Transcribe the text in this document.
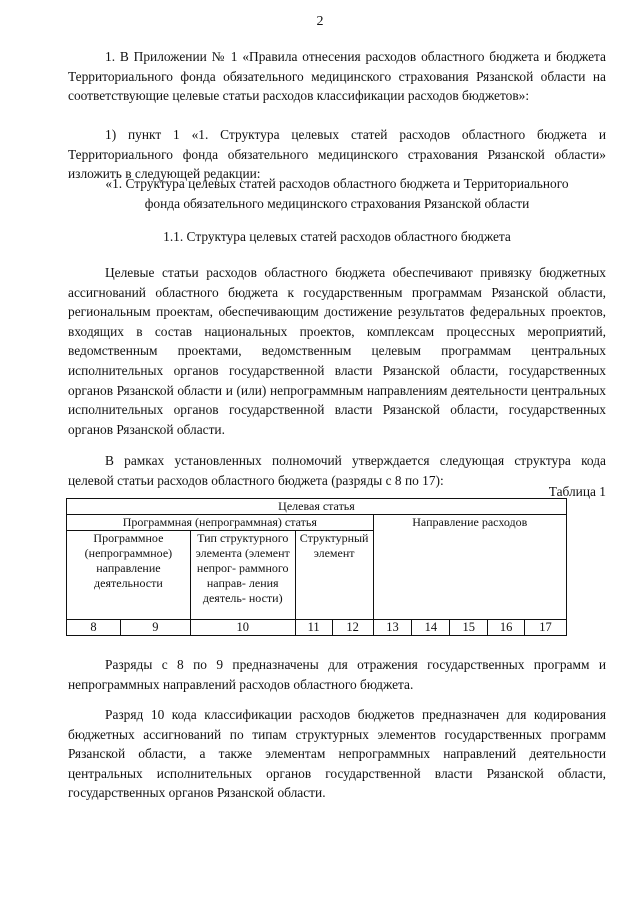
2

1. В Приложении № 1 «Правила отнесения расходов областного бюджета и бюджета Территориального фонда обязательного медицинского страхования Рязанской области на соответствующие целевые статьи расходов классификации расходов бюджетов»:

1) пункт 1 «1. Структура целевых статей расходов областного бюджета и Территориального фонда обязательного медицинского страхования Рязанской области» изложить в следующей редакции:

«1. Структура целевых статей расходов областного бюджета и Территориального

фонда обязательного медицинского страхования Рязанской области

1.1. Структура целевых статей расходов областного бюджета

Целевые статьи расходов областного бюджета обеспечивают привязку бюджетных ассигнований областного бюджета к государственным программам Рязанской области, региональным проектам, обеспечивающим достижение результатов федеральных проектов, входящих в состав национальных проектов, комплексам процессных мероприятий, ведомственным проектами, ведомственным целевым программам центральных исполнительных органов государственной власти Рязанской области, государственных органов Рязанской области и (или) непрограммным направлениям деятельности центральных исполнительных органов государственной власти Рязанской области, государственных органов Рязанской области.

В рамках установленных полномочий утверждается следующая структура кода целевой статьи расходов областного бюджета (разряды с 8 по 17):

Таблица 1
Целевая статья									
Программная (непрограммная) статья					Направление расходов				
Программное (непрограммное) направление деятельности		Тип структурного элемента (элемент непрог- раммного направ- ления деятель- ности)	Структурный элемент						
8	9	10	11	12	13	14	15	16	17

Разряды с 8 по 9 предназначены для отражения государственных программ и непрограммных направлений расходов областного бюджета.

Разряд 10 кода классификации расходов бюджетов предназначен для кодирования бюджетных ассигнований по типам структурных элементов государственных программ Рязанской области, а также элементам непрограммных направлений деятельности центральных исполнительных органов государственной власти Рязанской области, государственных органов Рязанской области.
